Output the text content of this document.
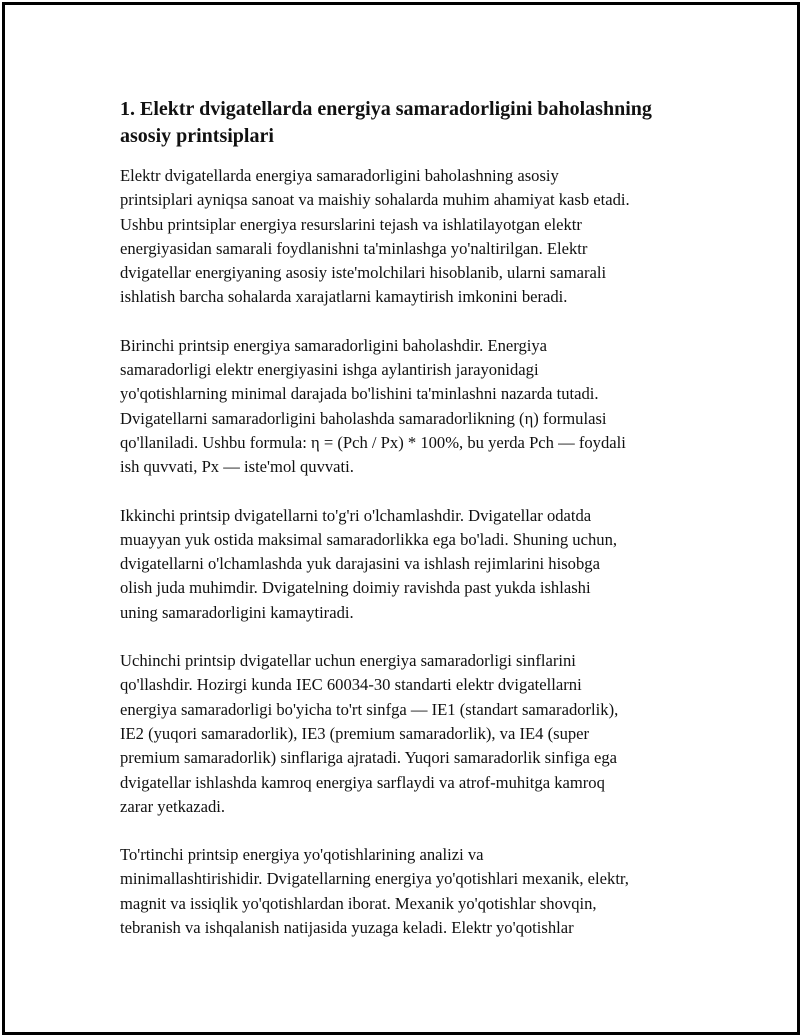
1. Elektr dvigatellarda energiya samaradorligini baholashning
asosiy printsiplari

Elektr dvigatellarda energiya samaradorligini baholashning asosiy
printsiplari ayniqsa sanoat va maishiy sohalarda muhim ahamiyat kasb etadi.
Ushbu printsiplar energiya resurslarini tejash va ishlatilayotgan elektr
energiyasidan samarali foydlanishni ta'minlashga yo'naltirilgan. Elektr
dvigatellar energiyaning asosiy iste'molchilari hisoblanib, ularni samarali
ishlatish barcha sohalarda xarajatlarni kamaytirish imkonini beradi.

Birinchi printsip energiya samaradorligini baholashdir. Energiya
samaradorligi elektr energiyasini ishga aylantirish jarayonidagi
yo'qotishlarning minimal darajada bo'lishini ta'minlashni nazarda tutadi.
Dvigatellarni samaradorligini baholashda samaradorlikning (η) formulasi
qo'llaniladi. Ushbu formula: η = (Pch / Px) * 100%, bu yerda Pch — foydali
ish quvvati, Px — iste'mol quvvati.

Ikkinchi printsip dvigatellarni to'g'ri o'lchamlashdir. Dvigatellar odatda
muayyan yuk ostida maksimal samaradorlikka ega bo'ladi. Shuning uchun,
dvigatellarni o'lchamlashda yuk darajasini va ishlash rejimlarini hisobga
olish juda muhimdir. Dvigatelning doimiy ravishda past yukda ishlashi
uning samaradorligini kamaytiradi.

Uchinchi printsip dvigatellar uchun energiya samaradorligi sinflarini
qo'llashdir. Hozirgi kunda IEC 60034-30 standarti elektr dvigatellarni
energiya samaradorligi bo'yicha to'rt sinfga — IE1 (standart samaradorlik),
IE2 (yuqori samaradorlik), IE3 (premium samaradorlik), va IE4 (super
premium samaradorlik) sinflariga ajratadi. Yuqori samaradorlik sinfiga ega
dvigatellar ishlashda kamroq energiya sarflaydi va atrof-muhitga kamroq
zarar yetkazadi.

To'rtinchi printsip energiya yo'qotishlarining analizi va
minimallashtirishidir. Dvigatellarning energiya yo'qotishlari mexanik, elektr,
magnit va issiqlik yo'qotishlardan iborat. Mexanik yo'qotishlar shovqin,
tebranish va ishqalanish natijasida yuzaga keladi. Elektr yo'qotishlar
